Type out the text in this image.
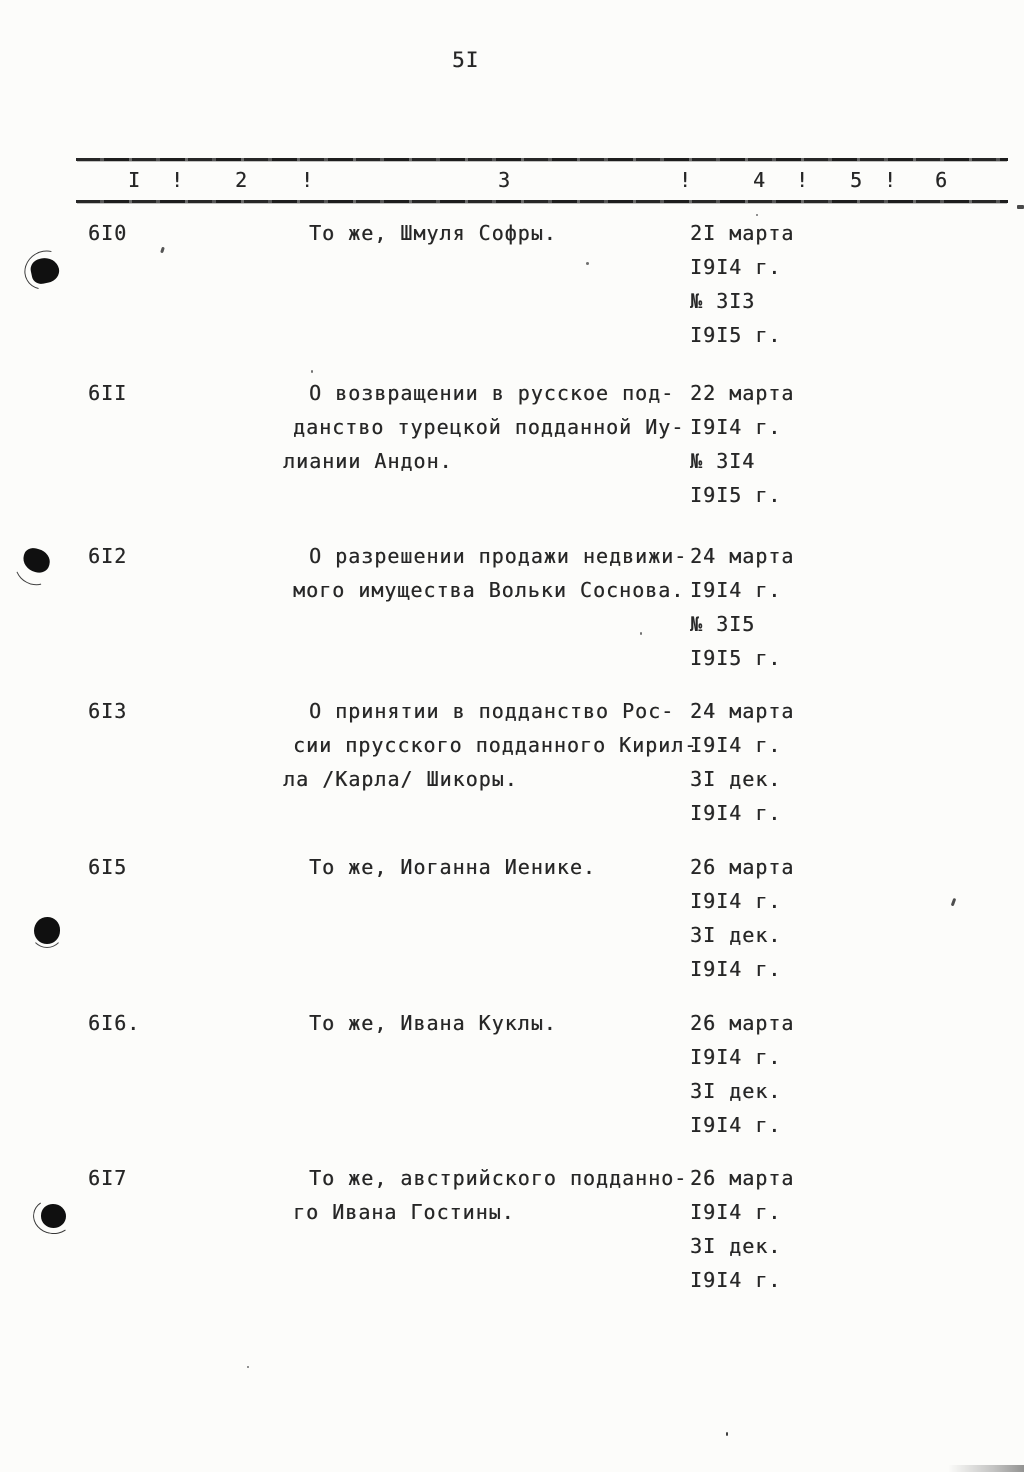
5I
I !	2	!	3	!	4 ! 5 ! 6
6I0	То же, Шмуля Софры.	2I марта
I9I4 г.
№ 3I3
I9I5 г.
6II	О возвращении в русское под-
данство турецкой подданной Иу-
лиании Андон.
22 марта
I9I4 г.
№ 3I4
I9I5 г.
6I2	О разрешении продажи недвижи-
мого имущества Вольки Соснова.
24 марта
I9I4 г.
№ 3I5
I9I5 г.
6I3	О принятии в подданство Рос-
сии прусского подданного Кирил-
ла /Карла/ Шикоры.
24 марта
I9I4 г.
3I дек.
I9I4 г.
6I5	То же, Иоганна Иенике.	26 марта
I9I4 г.
3I дек.
I9I4 г.
6I6.	То же, Ивана Куклы.	26 марта
I9I4 г.
3I дек.
I9I4 г.
6I7	То же, австрийского подданно-
го Ивана Гостины.
26 марта
I9I4 г.
3I дек.
I9I4 г.
